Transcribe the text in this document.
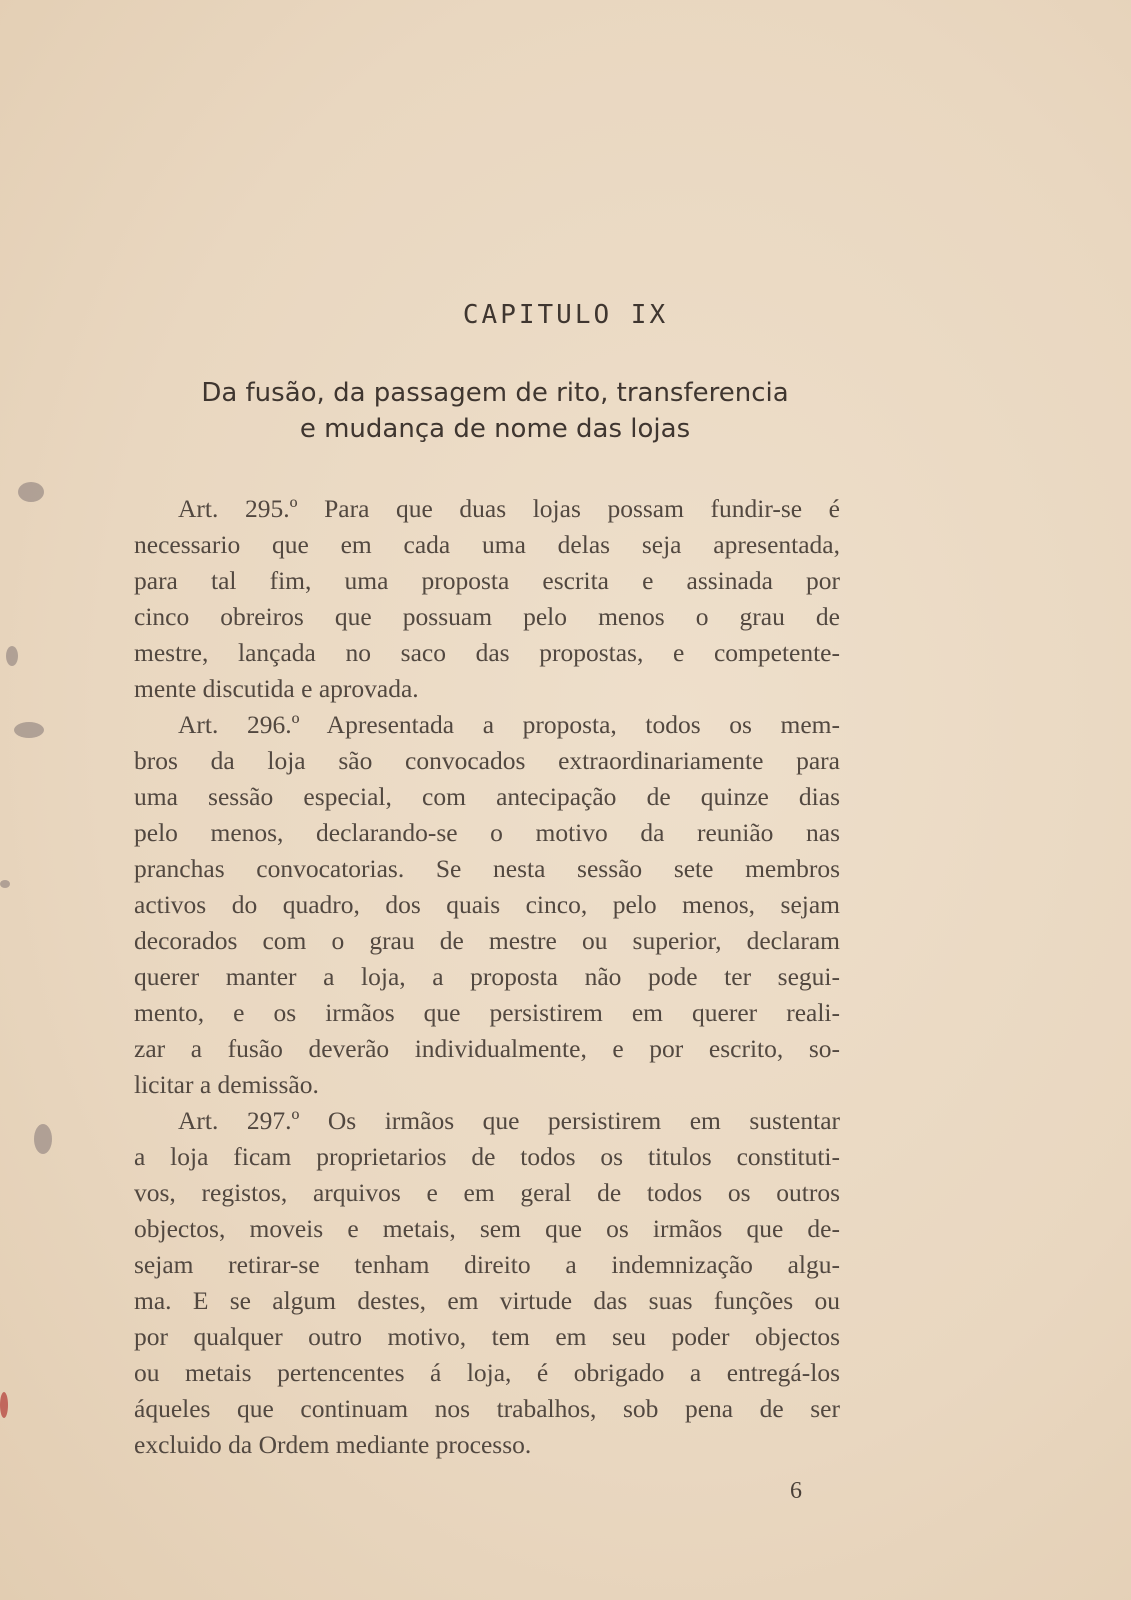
CAPITULO IX
Da fusão, da passagem de rito, transferencia
e mudança de nome das lojas
Art. 295.º Para que duas lojas possam fundir-se é
necessario que em cada uma delas seja apresentada,
para tal fim, uma proposta escrita e assinada por
cinco obreiros que possuam pelo menos o grau de
mestre, lançada no saco das propostas, e competente-
mente discutida e aprovada.
Art. 296.º Apresentada a proposta, todos os mem-
bros da loja são convocados extraordinariamente para
uma sessão especial, com antecipação de quinze dias
pelo menos, declarando-se o motivo da reunião nas
pranchas convocatorias. Se nesta sessão sete membros
activos do quadro, dos quais cinco, pelo menos, sejam
decorados com o grau de mestre ou superior, declaram
querer manter a loja, a proposta não pode ter segui-
mento, e os irmãos que persistirem em querer reali-
zar a fusão deverão individualmente, e por escrito, so-
licitar a demissão.
Art. 297.º Os irmãos que persistirem em sustentar
a loja ficam proprietarios de todos os titulos constituti-
vos, registos, arquivos e em geral de todos os outros
objectos, moveis e metais, sem que os irmãos que de-
sejam retirar-se tenham direito a indemnização algu-
ma. E se algum destes, em virtude das suas funções ou
por qualquer outro motivo, tem em seu poder objectos
ou metais pertencentes á loja, é obrigado a entregá-los
áqueles que continuam nos trabalhos, sob pena de ser
excluido da Ordem mediante processo.
6
